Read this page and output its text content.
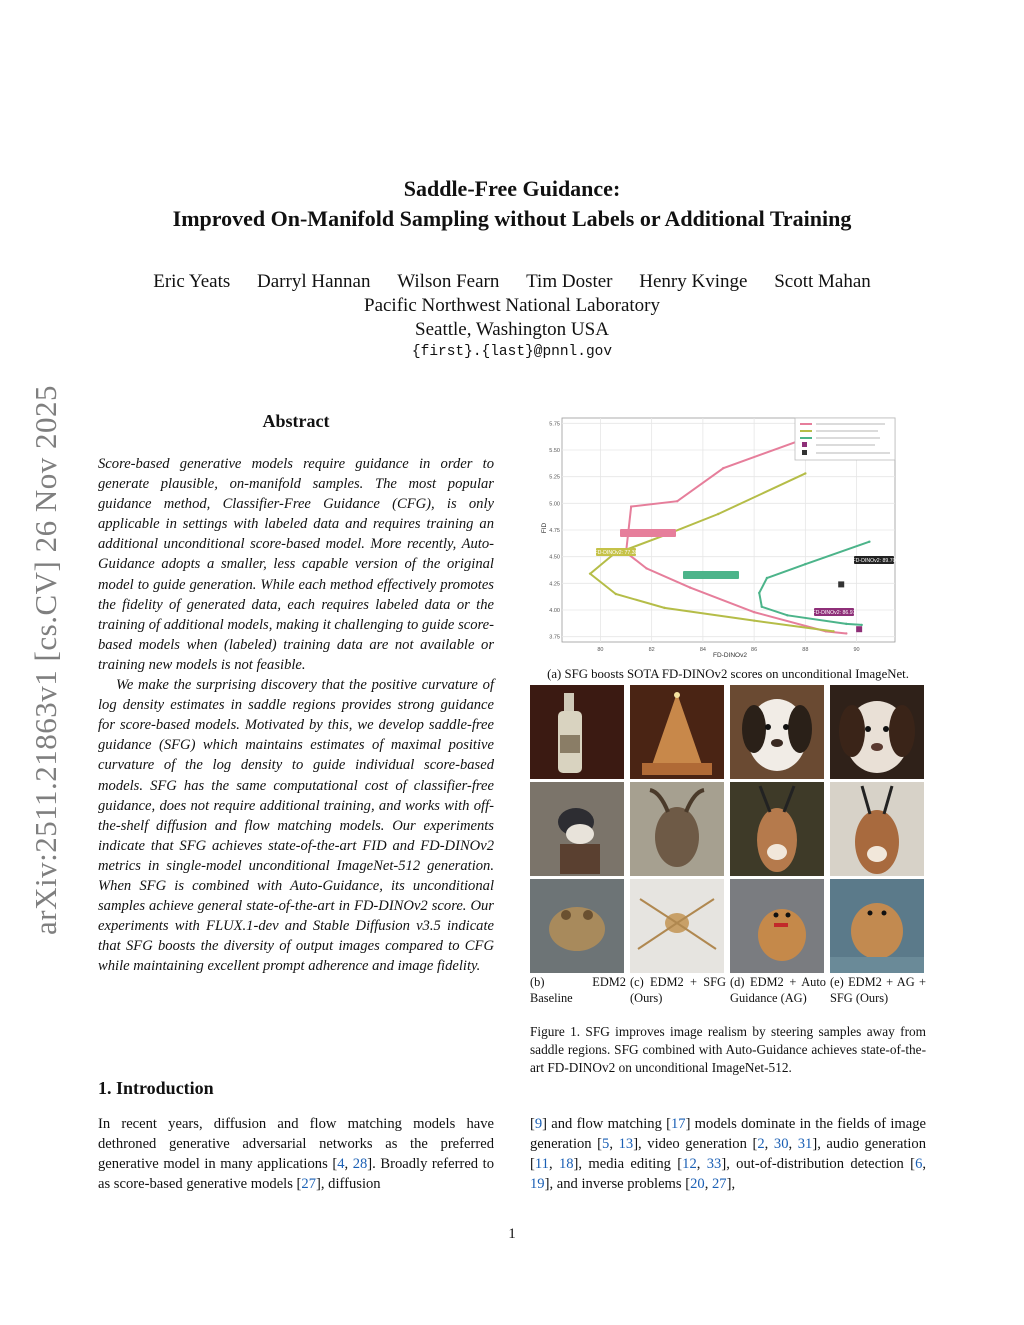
arXiv:2511.21863v1 [cs.CV] 26 Nov 2025
Saddle-Free Guidance:
Improved On-Manifold Sampling without Labels or Additional Training
Eric Yeats Darryl Hannan Wilson Fearn Tim Doster Henry Kvinge Scott Mahan
Pacific Northwest National Laboratory
Seattle, Washington USA
{first}.{last}@pnnl.gov
Abstract

Score-based generative models require guidance in order to generate plausible, on-manifold samples. The most popular guidance method, Classifier-Free Guidance (CFG), is only applicable in settings with labeled data and requires training an additional unconditional score-based model. More recently, Auto-Guidance adopts a smaller, less capable version of the original model to guide generation. While each method effectively promotes the fidelity of generated data, each requires labeled data or the training of additional models, making it challenging to guide score-based models when (labeled) training data are not available or training new models is not feasible.

We make the surprising discovery that the positive curvature of log density estimates in saddle regions provides strong guidance for score-based models. Motivated by this, we develop saddle-free guidance (SFG) which maintains estimates of maximal positive curvature of the log density to guide individual score-based models. SFG has the same computational cost of classifier-free guidance, does not require additional training, and works with off-the-shelf diffusion and flow matching models. Our experiments indicate that SFG achieves state-of-the-art FID and FD-DINOv2 metrics in single-model unconditional ImageNet-512 generation. When SFG is combined with Auto-Guidance, its unconditional samples achieve general state-of-the-art in FD-DINOv2 score. Our experiments with FLUX.1-dev and Stable Diffusion v3.5 indicate that SFG boosts the diversity of output images compared to CFG while maintaining excellent prompt adherence and image fidelity.

1. Introduction
In recent years, diffusion and flow matching models have dethroned generative adversarial networks as the preferred generative model in many applications [4, 28]. Broadly referred to as score-based generative models [27], diffusion
[9] and flow matching [17] models dominate in the fields of image generation [5, 13], video generation [2, 30, 31], audio generation [11, 18], media editing [12, 33], out-of-distribution detection [6, 19], and inverse problems [20, 27],
80	82	84	86	88	90
3.75
4.00
4.25
4.50
4.75
5.00
5.25
5.50
5.75
FD-DINOv2: 77.38
FD-DINOv2: 86.97
FD-DINOv2: 89.70
FD-DINOv2
FID
(a) SFG boosts SOTA FD-DINOv2 scores on unconditional ImageNet.
(b) EDM2 Baseline
(c) EDM2 + SFG (Ours)
(d) EDM2 + Auto Guidance (AG)
(e) EDM2 + AG + SFG (Ours)
Figure 1. SFG improves image realism by steering samples away from saddle regions. SFG combined with Auto-Guidance achieves state-of-the-art FD-DINOv2 on unconditional ImageNet-512.
1
